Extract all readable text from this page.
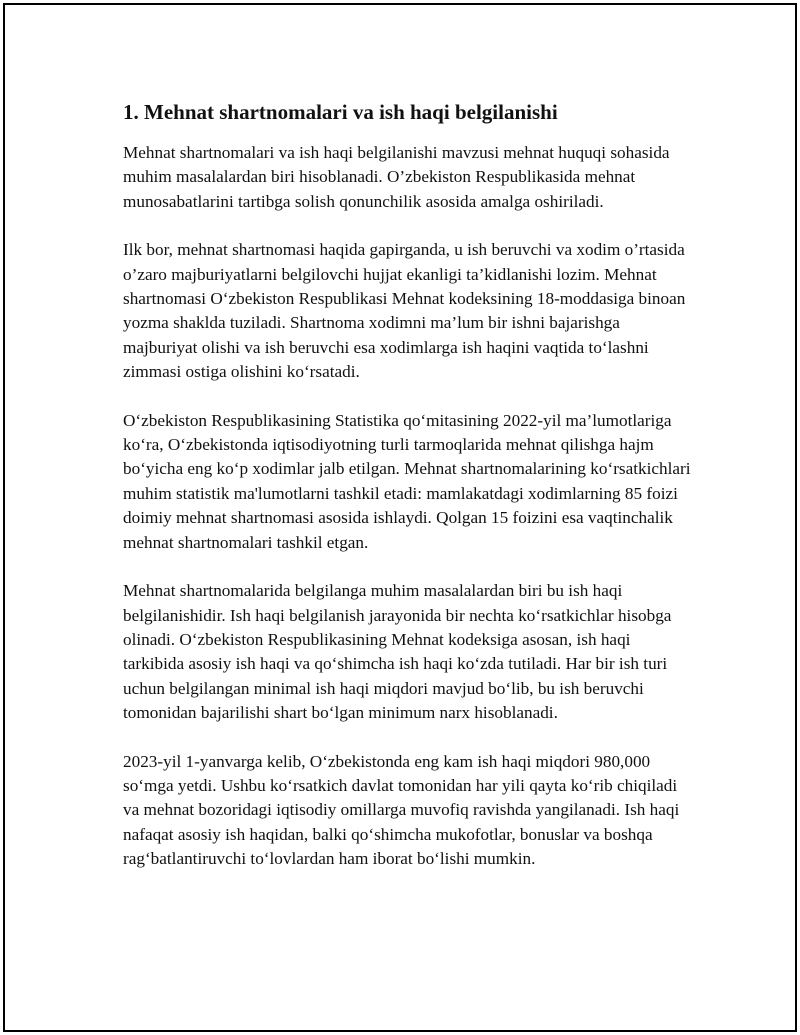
1. Mehnat shartnomalari va ish haqi belgilanishi

Mehnat shartnomalari va ish haqi belgilanishi mavzusi mehnat huquqi sohasida muhim masalalardan biri hisoblanadi. O’zbekiston Respublikasida mehnat munosabatlarini tartibga solish qonunchilik asosida amalga oshiriladi.

Ilk bor, mehnat shartnomasi haqida gapirganda, u ish beruvchi va xodim o’rtasida o’zaro majburiyatlarni belgilovchi hujjat ekanligi ta’kidlanishi lozim. Mehnat shartnomasi O‘zbekiston Respublikasi Mehnat kodeksining 18-moddasiga binoan yozma shaklda tuziladi. Shartnoma xodimni ma’lum bir ishni bajarishga majburiyat olishi va ish beruvchi esa xodimlarga ish haqini vaqtida to‘lashni zimmasi ostiga olishini ko‘rsatadi.

O‘zbekiston Respublikasining Statistika qo‘mitasining 2022-yil ma’lumotlariga ko‘ra, O‘zbekistonda iqtisodiyotning turli tarmoqlarida mehnat qilishga hajm bo‘yicha eng ko‘p xodimlar jalb etilgan. Mehnat shartnomalarining ko‘rsatkichlari muhim statistik ma'lumotlarni tashkil etadi: mamlakatdagi xodimlarning 85 foizi doimiy mehnat shartnomasi asosida ishlaydi. Qolgan 15 foizini esa vaqtinchalik mehnat shartnomalari tashkil etgan.

Mehnat shartnomalarida belgilanga muhim masalalardan biri bu ish haqi belgilanishidir. Ish haqi belgilanish jarayonida bir nechta ko‘rsatkichlar hisobga olinadi. O‘zbekiston Respublikasining Mehnat kodeksiga asosan, ish haqi tarkibida asosiy ish haqi va qo‘shimcha ish haqi ko‘zda tutiladi. Har bir ish turi uchun belgilangan minimal ish haqi miqdori mavjud bo‘lib, bu ish beruvchi tomonidan bajarilishi shart bo‘lgan minimum narx hisoblanadi.

2023-yil 1-yanvarga kelib, O‘zbekistonda eng kam ish haqi miqdori 980,000 so‘mga yetdi. Ushbu ko‘rsatkich davlat tomonidan har yili qayta ko‘rib chiqiladi va mehnat bozoridagi iqtisodiy omillarga muvofiq ravishda yangilanadi. Ish haqi nafaqat asosiy ish haqidan, balki qo‘shimcha mukofotlar, bonuslar va boshqa rag‘batlantiruvchi to‘lovlardan ham iborat bo‘lishi mumkin.
